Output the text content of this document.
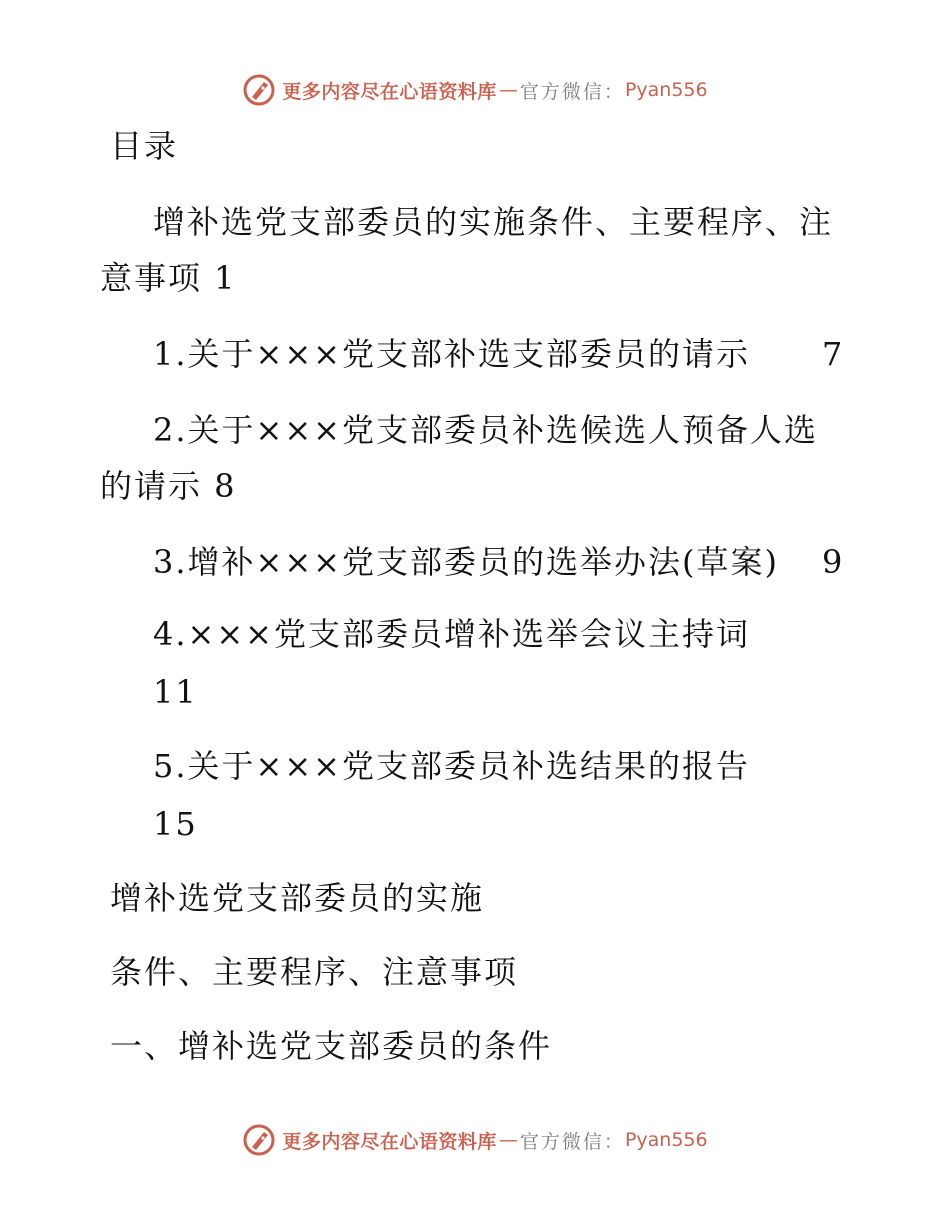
更多内容尽在心语资料库 — 官方微信： Pyan556
目录
增补选党支部委员的实施条件、主要程序、注
意事项 1
1.关于×××党支部补选支部委员的请示 7
2.关于×××党支部委员补选候选人预备人选
的请示 8
3.增补×××党支部委员的选举办法(草案) 9
4.×××党支部委员增补选举会议主持词
11
5.关于×××党支部委员补选结果的报告
15
增补选党支部委员的实施
条件、主要程序、注意事项
一、增补选党支部委员的条件
更多内容尽在心语资料库 — 官方微信： Pyan556
